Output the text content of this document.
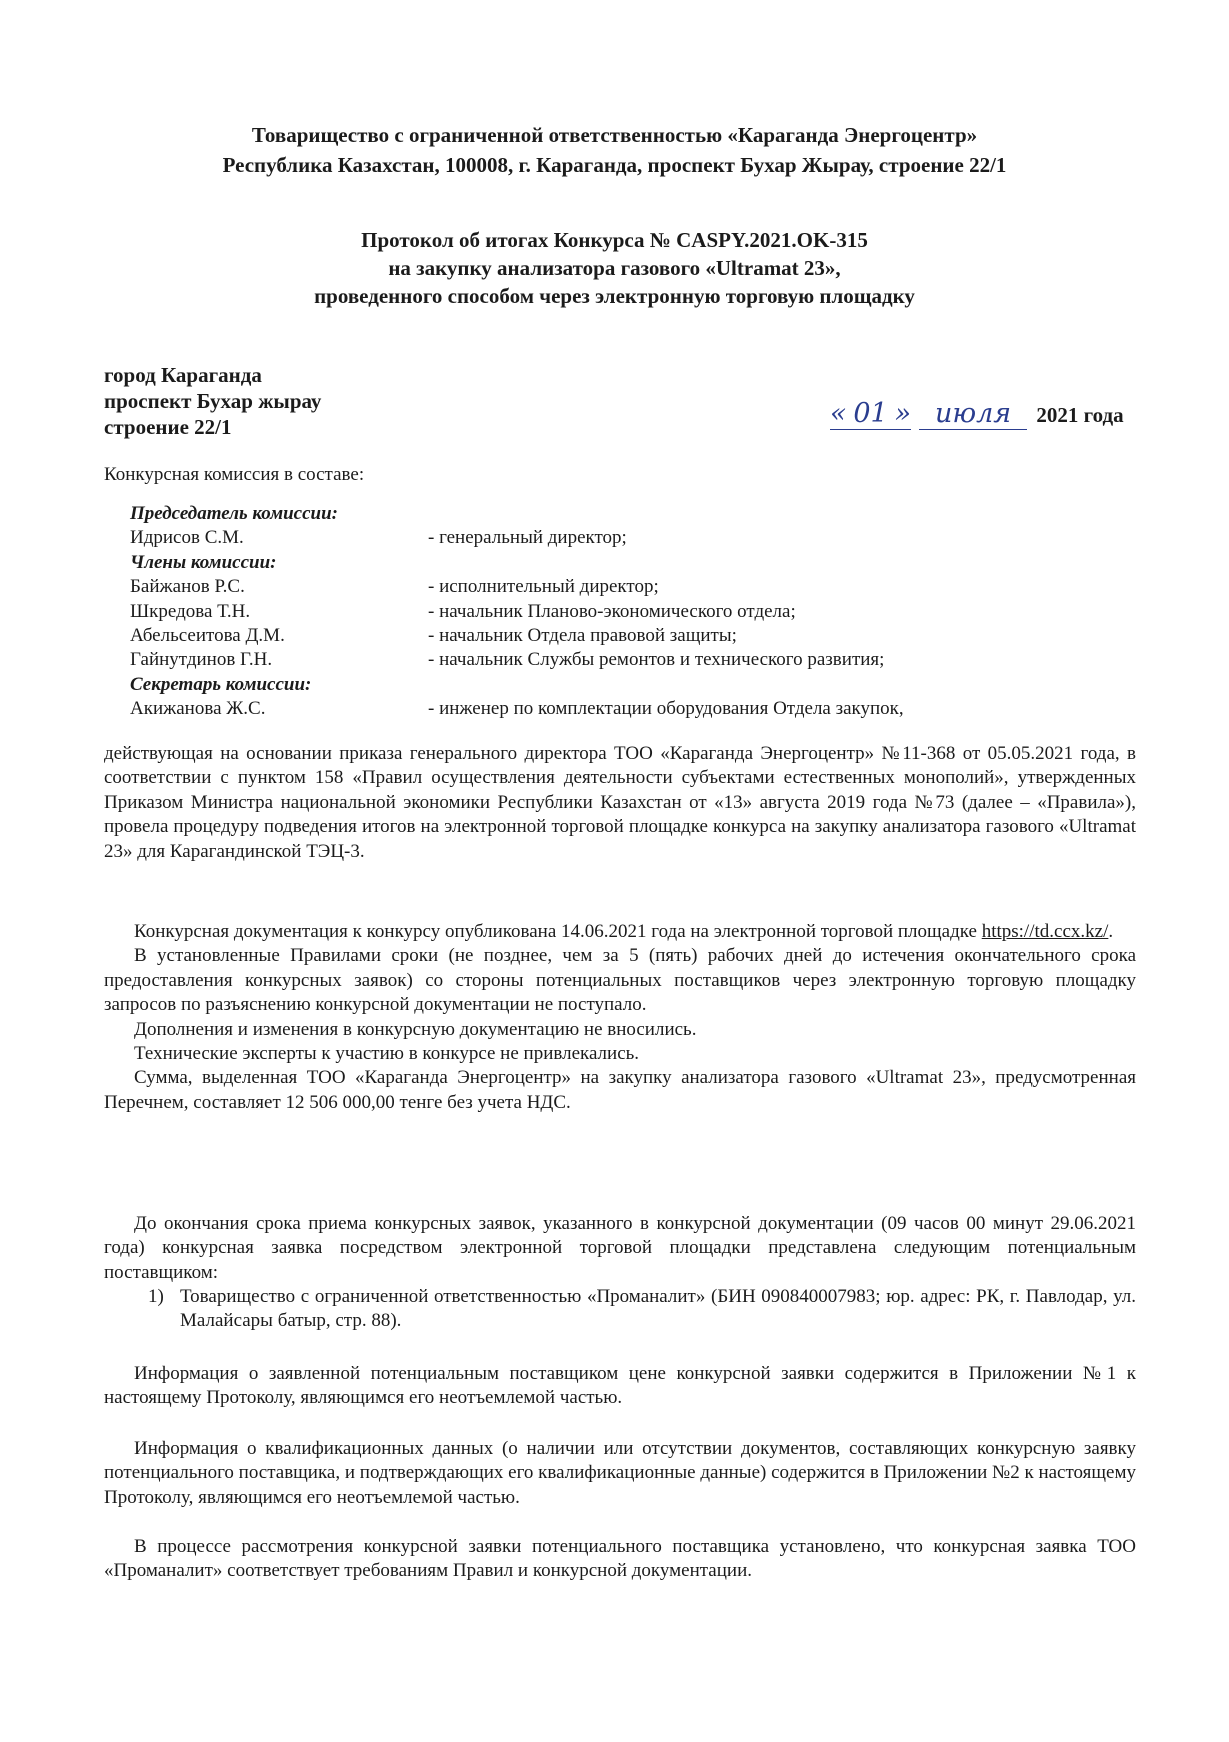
Товарищество с ограниченной ответственностью «Караганда Энергоцентр»
Республика Казахстан, 100008, г. Караганда, проспект Бухар Жырау, строение 22/1
Протокол об итогах Конкурса № CASPY.2021.OK-315
на закупку анализатора газового «Ultramat 23»,
проведенного способом через электронную торговую площадку
город Караганда
проспект Бухар жырау
строение 22/1	« 01 » июля 2021 года
Конкурсная комиссия в составе:
Председатель комиссии:
Идрисов С.М.	- генеральный директор;
Члены комиссии:
Байжанов Р.С.	- исполнительный директор;
Шкредова Т.Н.	- начальник Планово-экономического отдела;
Абельсеитова Д.М.	- начальник Отдела правовой защиты;
Гайнутдинов Г.Н.	- начальник Службы ремонтов и технического развития;
Секретарь комиссии:
Акижанова Ж.С.	- инженер по комплектации оборудования Отдела закупок,

действующая на основании приказа генерального директора ТОО «Караганда Энергоцентр» №11-368 от 05.05.2021 года, в соответствии с пунктом 158 «Правил осуществления деятельности субъектами естественных монополий», утвержденных Приказом Министра национальной экономики Республики Казахстан от «13» августа 2019 года №73 (далее – «Правила»), провела процедуру подведения итогов на электронной торговой площадке конкурса на закупку анализатора газового «Ultramat 23» для Карагандинской ТЭЦ-3.

Конкурсная документация к конкурсу опубликована 14.06.2021 года на электронной торговой площадке https://td.ccx.kz/.

В установленные Правилами сроки (не позднее, чем за 5 (пять) рабочих дней до истечения окончательного срока предоставления конкурсных заявок) со стороны потенциальных поставщиков через электронную торговую площадку запросов по разъяснению конкурсной документации не поступало.

Дополнения и изменения в конкурсную документацию не вносились.

Технические эксперты к участию в конкурсе не привлекались.

Сумма, выделенная ТОО «Караганда Энергоцентр» на закупку анализатора газового «Ultramat 23», предусмотренная Перечнем, составляет 12 506 000,00 тенге без учета НДС.

До окончания срока приема конкурсных заявок, указанного в конкурсной документации (09 часов 00 минут 29.06.2021 года) конкурсная заявка посредством электронной торговой площадки представлена следующим потенциальным поставщиком:

1) Товарищество с ограниченной ответственностью «Проманалит» (БИН 090840007983; юр. адрес: РК, г. Павлодар, ул. Малайсары батыр, стр. 88).

Информация о заявленной потенциальным поставщиком цене конкурсной заявки содержится в Приложении №1 к настоящему Протоколу, являющимся его неотъемлемой частью.

Информация о квалификационных данных (о наличии или отсутствии документов, составляющих конкурсную заявку потенциального поставщика, и подтверждающих его квалификационные данные) содержится в Приложении №2 к настоящему Протоколу, являющимся его неотъемлемой частью.

В процессе рассмотрения конкурсной заявки потенциального поставщика установлено, что конкурсная заявка ТОО «Проманалит» соответствует требованиям Правил и конкурсной документации.
